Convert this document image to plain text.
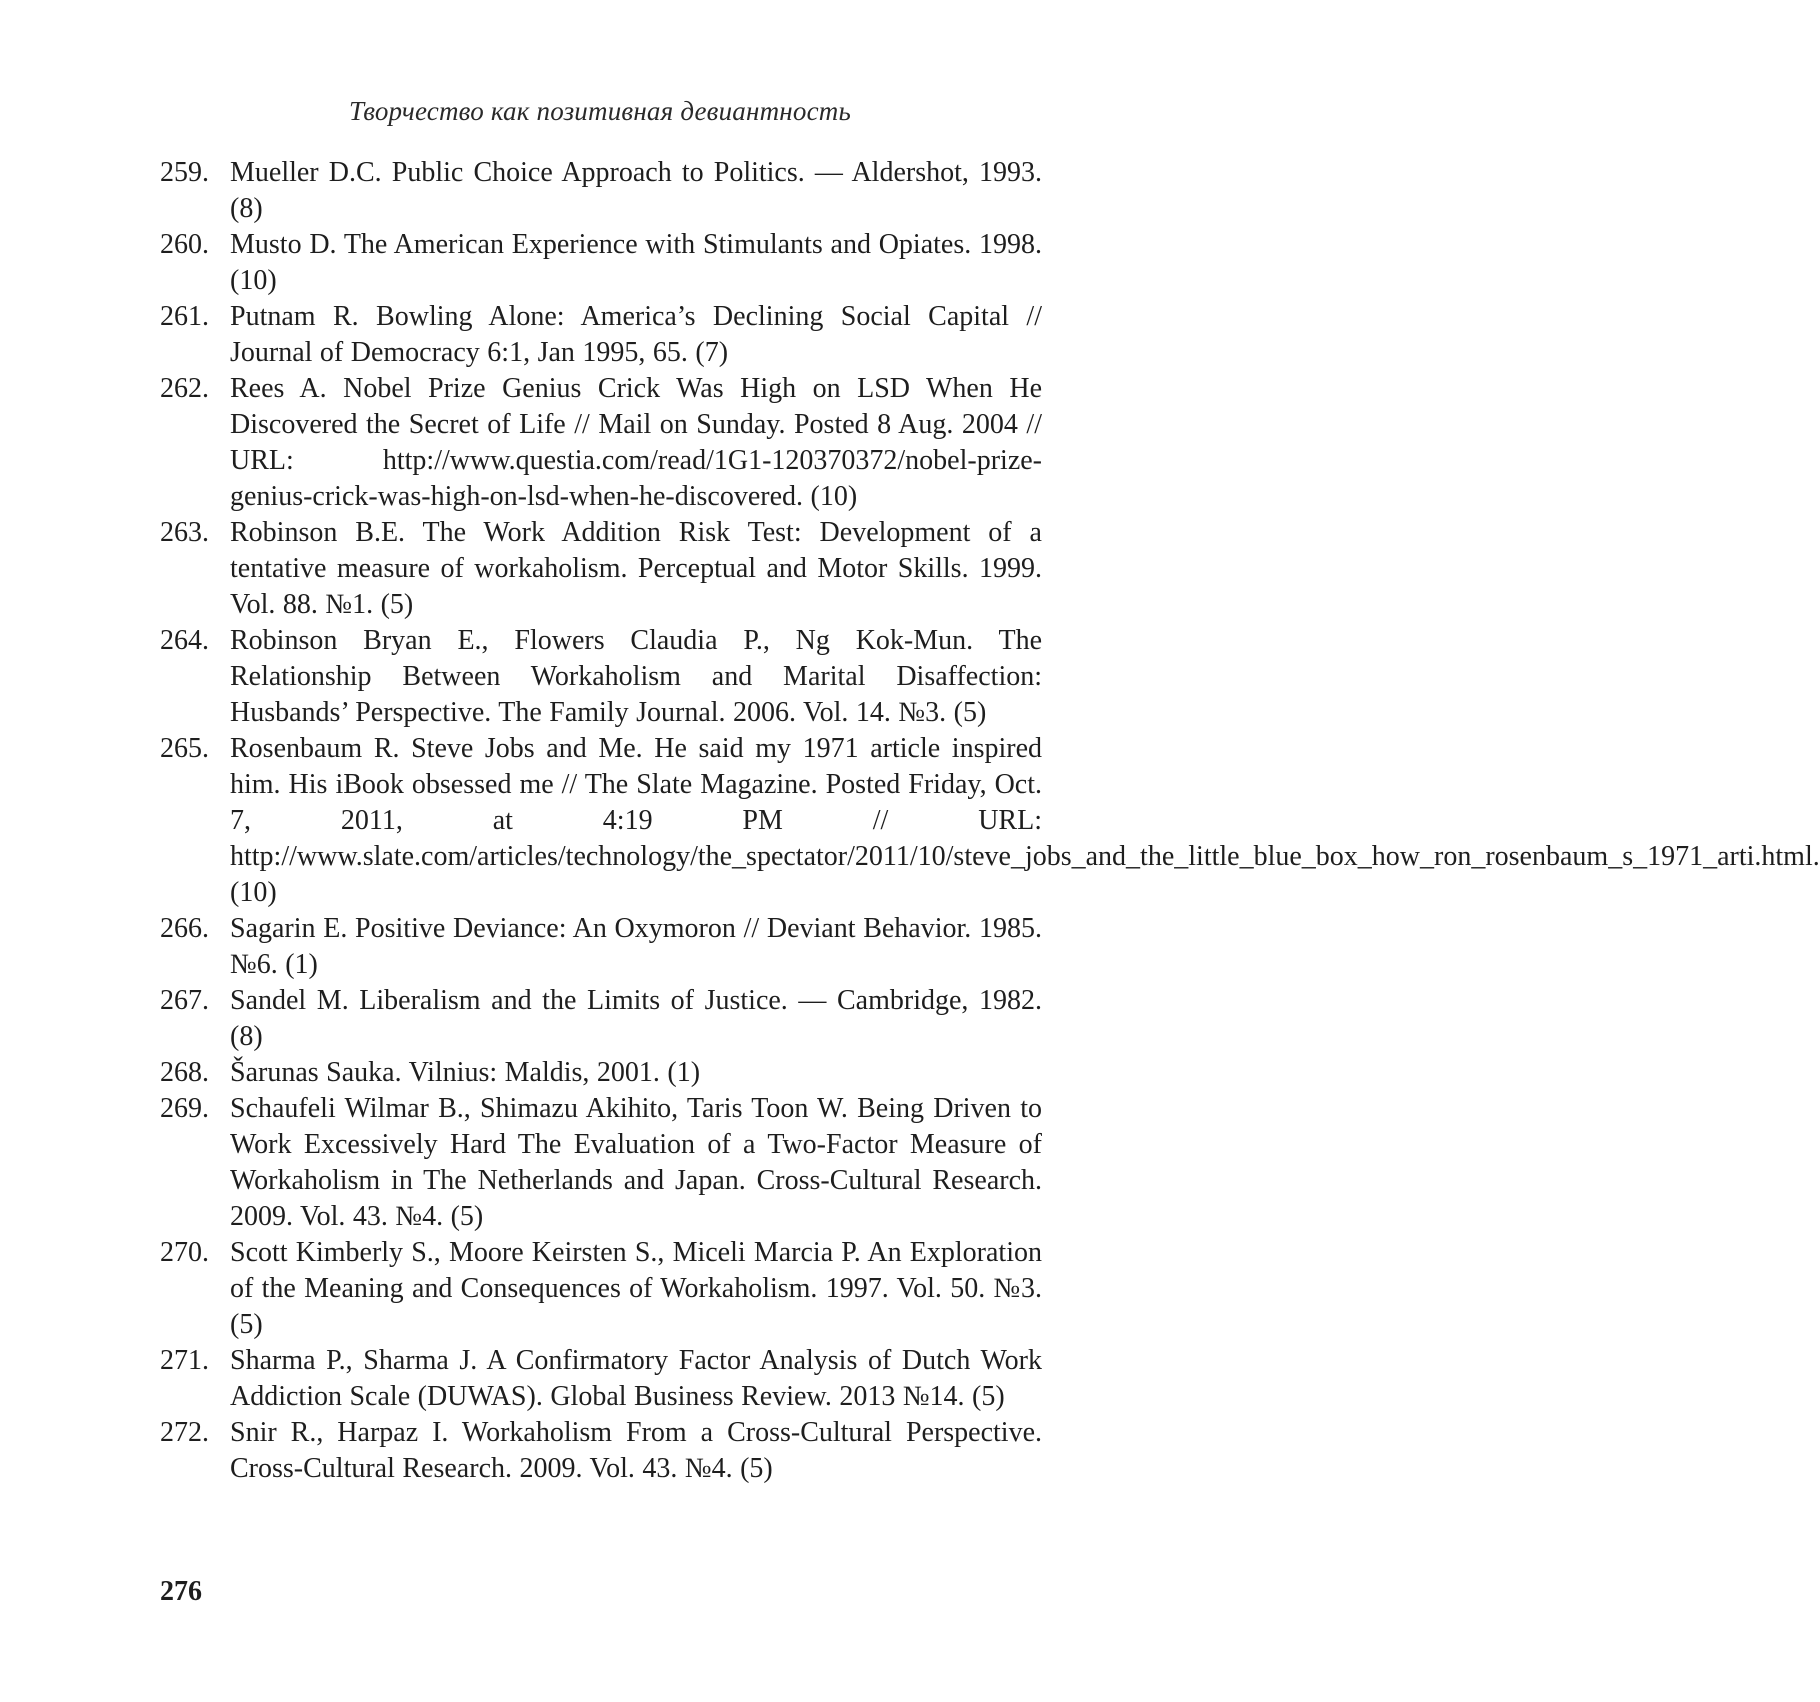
Творчество как позитивная девиантность
259. Mueller D.C. Public Choice Approach to Politics. — Aldershot, 1993. (8)
260. Musto D. The American Experience with Stimulants and Opiates. 1998. (10)
261. Putnam R. Bowling Alone: America’s Declining Social Capital // Journal of Democracy 6:1, Jan 1995, 65. (7)
262. Rees A. Nobel Prize Genius Crick Was High on LSD When He Discovered the Secret of Life // Mail on Sunday. Posted 8 Aug. 2004 // URL: http://www.questia.com/read/1G1-120370372/nobel-prize-genius-crick-was-high-on-lsd-when-he-discovered. (10)
263. Robinson B.E. The Work Addition Risk Test: Development of a tentative measure of workaholism. Perceptual and Motor Skills. 1999. Vol. 88. №1. (5)
264. Robinson Bryan E., Flowers Claudia P., Ng Kok-Mun. The Relationship Between Workaholism and Marital Disaffection: Husbands’ Perspective. The Family Journal. 2006. Vol. 14. №3. (5)
265. Rosenbaum R. Steve Jobs and Me. He said my 1971 article inspired him. His iBook obsessed me // The Slate Magazine. Posted Friday, Oct. 7, 2011, at 4:19 PM // URL: http://www.slate.com/articles/technology/the_spectator/2011/10/steve_jobs_and_the_little_blue_box_how_ron_rosenbaum_s_1971_arti.html. (10)
266. Sagarin E. Positive Deviance: An Oxymoron // Deviant Behavior. 1985. №6. (1)
267. Sandel M. Liberalism and the Limits of Justice. — Cambridge, 1982. (8)
268. Šarunas Sauka. Vilnius: Maldis, 2001. (1)
269. Schaufeli Wilmar B., Shimazu Akihito, Taris Toon W. Being Driven to Work Excessively Hard The Evaluation of a Two-Factor Measure of Workaholism in The Netherlands and Japan. Cross-Cultural Research. 2009. Vol. 43. №4. (5)
270. Scott Kimberly S., Moore Keirsten S., Miceli Marcia P. An Exploration of the Meaning and Consequences of Workaholism. 1997. Vol. 50. №3. (5)
271. Sharma P., Sharma J. A Confirmatory Factor Analysis of Dutch Work Addiction Scale (DUWAS). Global Business Review. 2013 №14. (5)
272. Snir R., Harpaz I. Workaholism From a Cross-Cultural Perspective. Cross-Cultural Research. 2009. Vol. 43. №4. (5)
276
